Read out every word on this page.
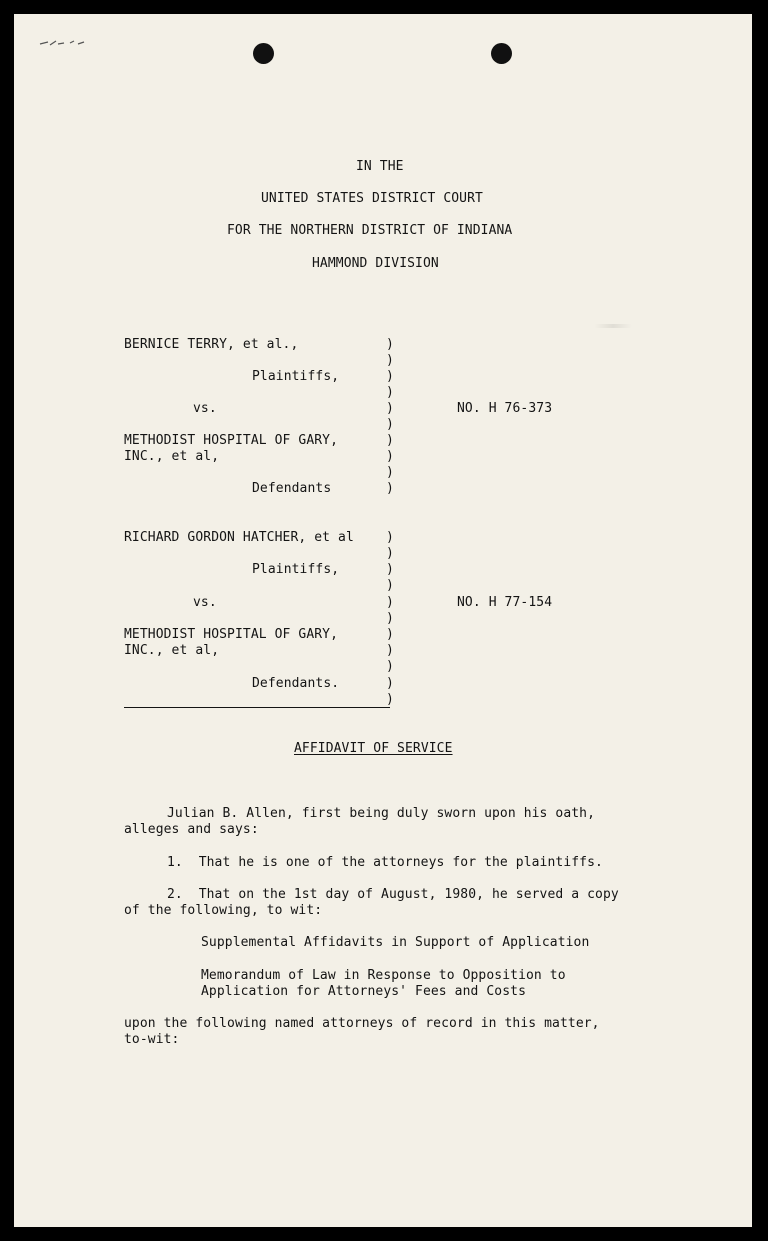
IN THE
UNITED STATES DISTRICT COURT
FOR THE NORTHERN DISTRICT OF INDIANA
HAMMOND DIVISION
BERNICE TERRY, et al.,
Plaintiffs,
vs.	NO. H 76-373
METHODIST HOSPITAL OF GARY,
INC., et al,
Defendants
)
)
)
)
)
)
)
)
)
)
RICHARD GORDON HATCHER, et al
Plaintiffs,
vs.	NO. H 77-154
METHODIST HOSPITAL OF GARY,
INC., et al,
Defendants.
)
)
)
)
)
)
)
)
)
)
)
AFFIDAVIT OF SERVICE
Julian B. Allen, first being duly sworn upon his oath,
alleges and says:
1.  That he is one of the attorneys for the plaintiffs.
2.  That on the 1st day of August, 1980, he served a copy
of the following, to wit:
Supplemental Affidavits in Support of Application
Memorandum of Law in Response to Opposition to
Application for Attorneys' Fees and Costs
upon the following named attorneys of record in this matter,
to-wit:
